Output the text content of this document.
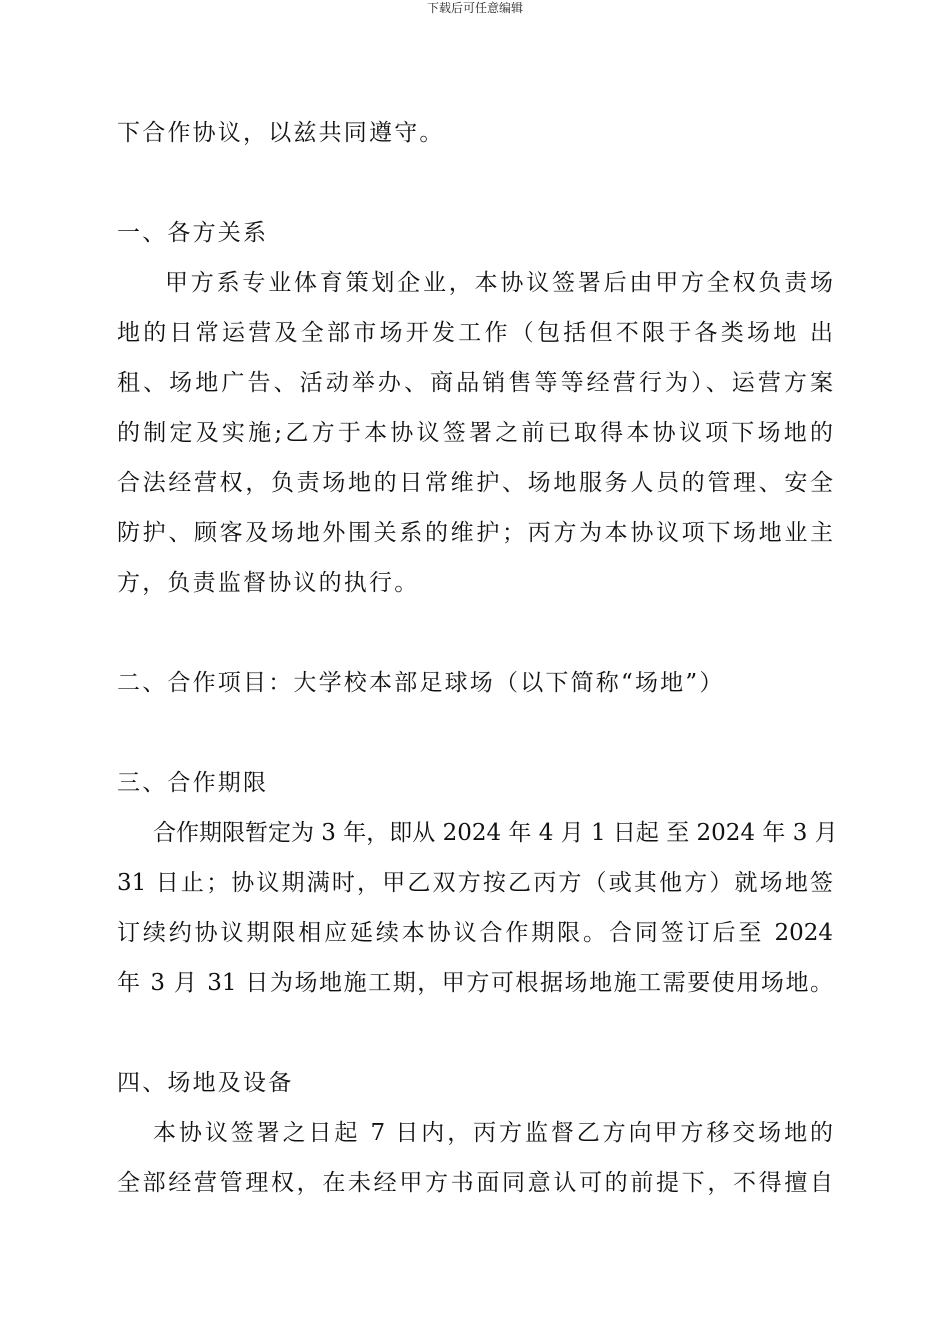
下载后可任意编辑
下合作协议，以兹共同遵守。
一、各方关系
甲方系专业体育策划企业，本协议签署后由甲方全权负责场
地的日常运营及全部市场开发工作（包括但不限于各类场地 出
租、场地广告、活动举办、商品销售等等经营行为）、运营方案
的制定及实施;乙方于本协议签署之前已取得本协议项下场地的
合法经营权，负责场地的日常维护、场地服务人员的管理、安全
防护、顾客及场地外围关系的维护；丙方为本协议项下场地业主
方，负责监督协议的执行。
二、合作项目：大学校本部足球场（以下简称“场地”）
三、合作期限
合作期限暂定为 3 年，即从 2024 年 4 月 1 日起 至 2024 年 3 月
31 日止；协议期满时，甲乙双方按乙丙方（或其他方）就场地签
订续约协议期限相应延续本协议合作期限。合同签订后至 2024
年 3 月 31 日为场地施工期，甲方可根据场地施工需要使用场地。
四、场地及设备
本协议签署之日起 7 日内，丙方监督乙方向甲方移交场地的
全部经营管理权，在未经甲方书面同意认可的前提下，不得擅自
